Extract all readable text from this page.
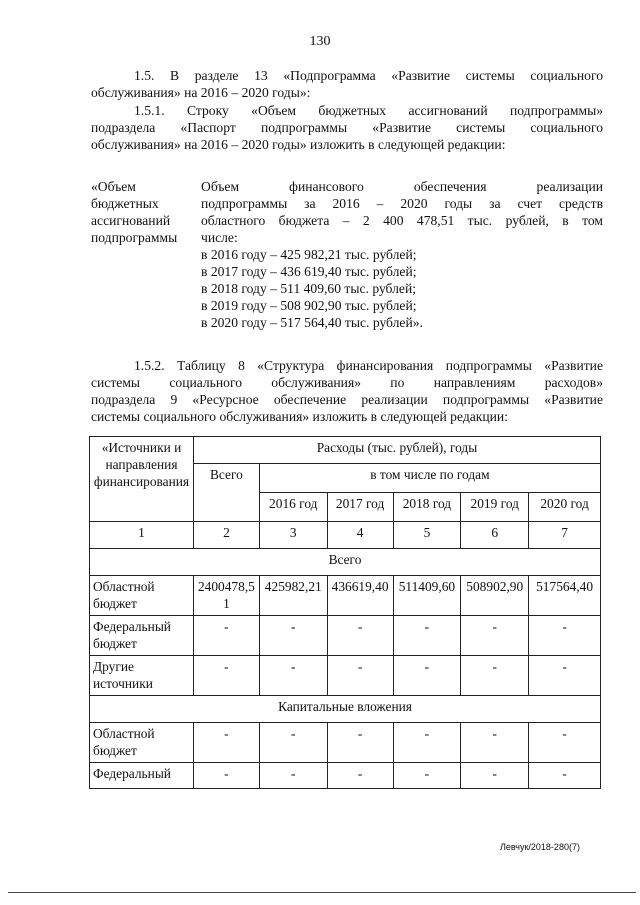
130
1.5. В разделе 13 «Подпрограмма «Развитие системы социального
обслуживания» на 2016 – 2020 годы»:
1.5.1. Строку «Объем бюджетных ассигнований подпрограммы»
подраздела «Паспорт подпрограммы «Развитие системы социального
обслуживания» на 2016 – 2020 годы» изложить в следующей редакции:
«Объем
бюджетных
ассигнований
подпрограммы
Объем финансового обеспечения реализации
подпрограммы за 2016 – 2020 годы за счет средств
областного бюджета – 2 400 478,51 тыс. рублей, в том
числе:
в 2016 году – 425 982,21 тыс. рублей;
в 2017 году – 436 619,40 тыс. рублей;
в 2018 году – 511 409,60 тыс. рублей;
в 2019 году – 508 902,90 тыс. рублей;
в 2020 году – 517 564,40 тыс. рублей».
1.5.2. Таблицу 8 «Структура финансирования подпрограммы «Развитие
системы социального обслуживания» по направлениям расходов»
подраздела 9 «Ресурсное обеспечение реализации подпрограммы «Развитие
системы социального обслуживания» изложить в следующей редакции:
«Источники и направления финансирования	Расходы (тыс. рублей), годы					
	Всего	в том числе по годам				
		2016 год	2017 год	2018 год	2019 год	2020 год
1	2	3	4	5	6	7
Всего						
Областной бюджет	2400478,51	425982,21	436619,40	511409,60	508902,90	517564,40
Федеральный бюджет	-	-	-	-	-	-
Другие источники	-	-	-	-	-	-
Капитальные вложения						
Областной бюджет	-	-	-	-	-	-
Федеральный	-	-	-	-	-	-
Левчук/2018-280(7)
